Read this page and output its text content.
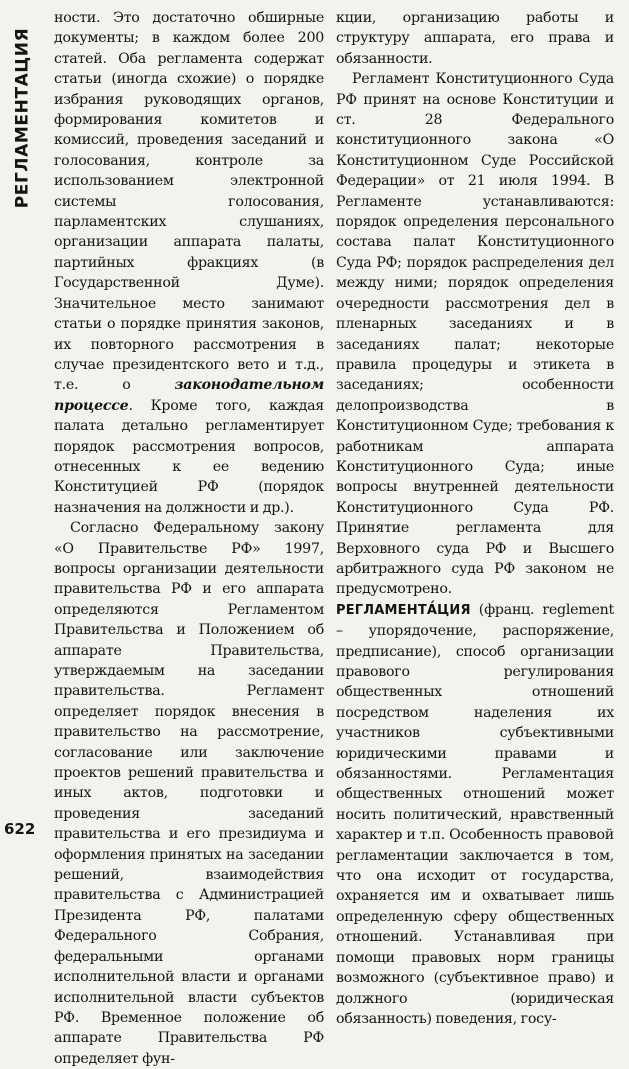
РЕГЛАМЕНТАЦИЯ

ности. Это достаточно обширные документы; в каждом более 200 статей. Оба регламента содержат статьи (иногда схожие) о порядке избрания руководящих органов, формирования комитетов и комиссий, проведения заседаний и голосования, контроле за использованием электронной системы голосования, парламентских слушаниях, организации аппарата палаты, партийных фракциях (в Государственной Думе). Значительное место занимают статьи о порядке принятия законов, их повторного рассмотрения в случае президентского вето и т.д., т.е. о законодательном процессе. Кроме того, каждая палата детально регламентирует порядок рассмотрения вопросов, отнесенных к ее ведению Конституцией РФ (порядок назначения на должности и др.).

Согласно Федеральному закону «О Правительстве РФ» 1997, вопросы организации деятельности правительства РФ и его аппарата определяются Регламентом Правительства и Положением об аппарате Правительства, утверждаемым на заседании правительства. Регламент определяет порядок внесения в правительство на рассмотрение, согласование или заключение проектов решений правительства и иных актов, подготовки и проведения заседаний правительства и его президиума и оформления принятых на заседании решений, взаимодействия правительства с Администрацией Президента РФ, палатами Федерального Собрания, федеральными органами исполнительной власти и органами исполнительной власти субъектов РФ. Временное положение об аппарате Правительства РФ определяет фун-

кции, организацию работы и структуру аппарата, его права и обязанности.

Регламент Конституционного Суда РФ принят на основе Конституции и ст. 28 Федерального конституционного закона «О Конституционном Суде Российской Федерации» от 21 июля 1994. В Регламенте устанавливаются: порядок определения персонального состава палат Конституционного Суда РФ; порядок распределения дел между ними; порядок определения очередности рассмотрения дел в пленарных заседаниях и в заседаниях палат; некоторые правила процедуры и этикета в заседаниях; особенности делопроизводства в Конституционном Суде; требования к работникам аппарата Конституционного Суда; иные вопросы внутренней деятельности Конституционного Суда РФ. Принятие регламента для Верховного суда РФ и Высшего арбитражного суда РФ законом не предусмотрено.

РЕГЛАМЕНТА́ЦИЯ (франц. reglement – упорядочение, распоряжение, предписание), способ организации правового регулирования общественных отношений посредством наделения их участников субъективными юридическими правами и обязанностями. Регламентация общественных отношений может носить политический, нравственный характер и т.п. Особенность правовой регламентации заключается в том, что она исходит от государства, охраняется им и охватывает лишь определенную сферу общественных отношений. Устанавливая при помощи правовых норм границы возможного (субъективное право) и должного (юридическая обязанность) поведения, госу-

622
